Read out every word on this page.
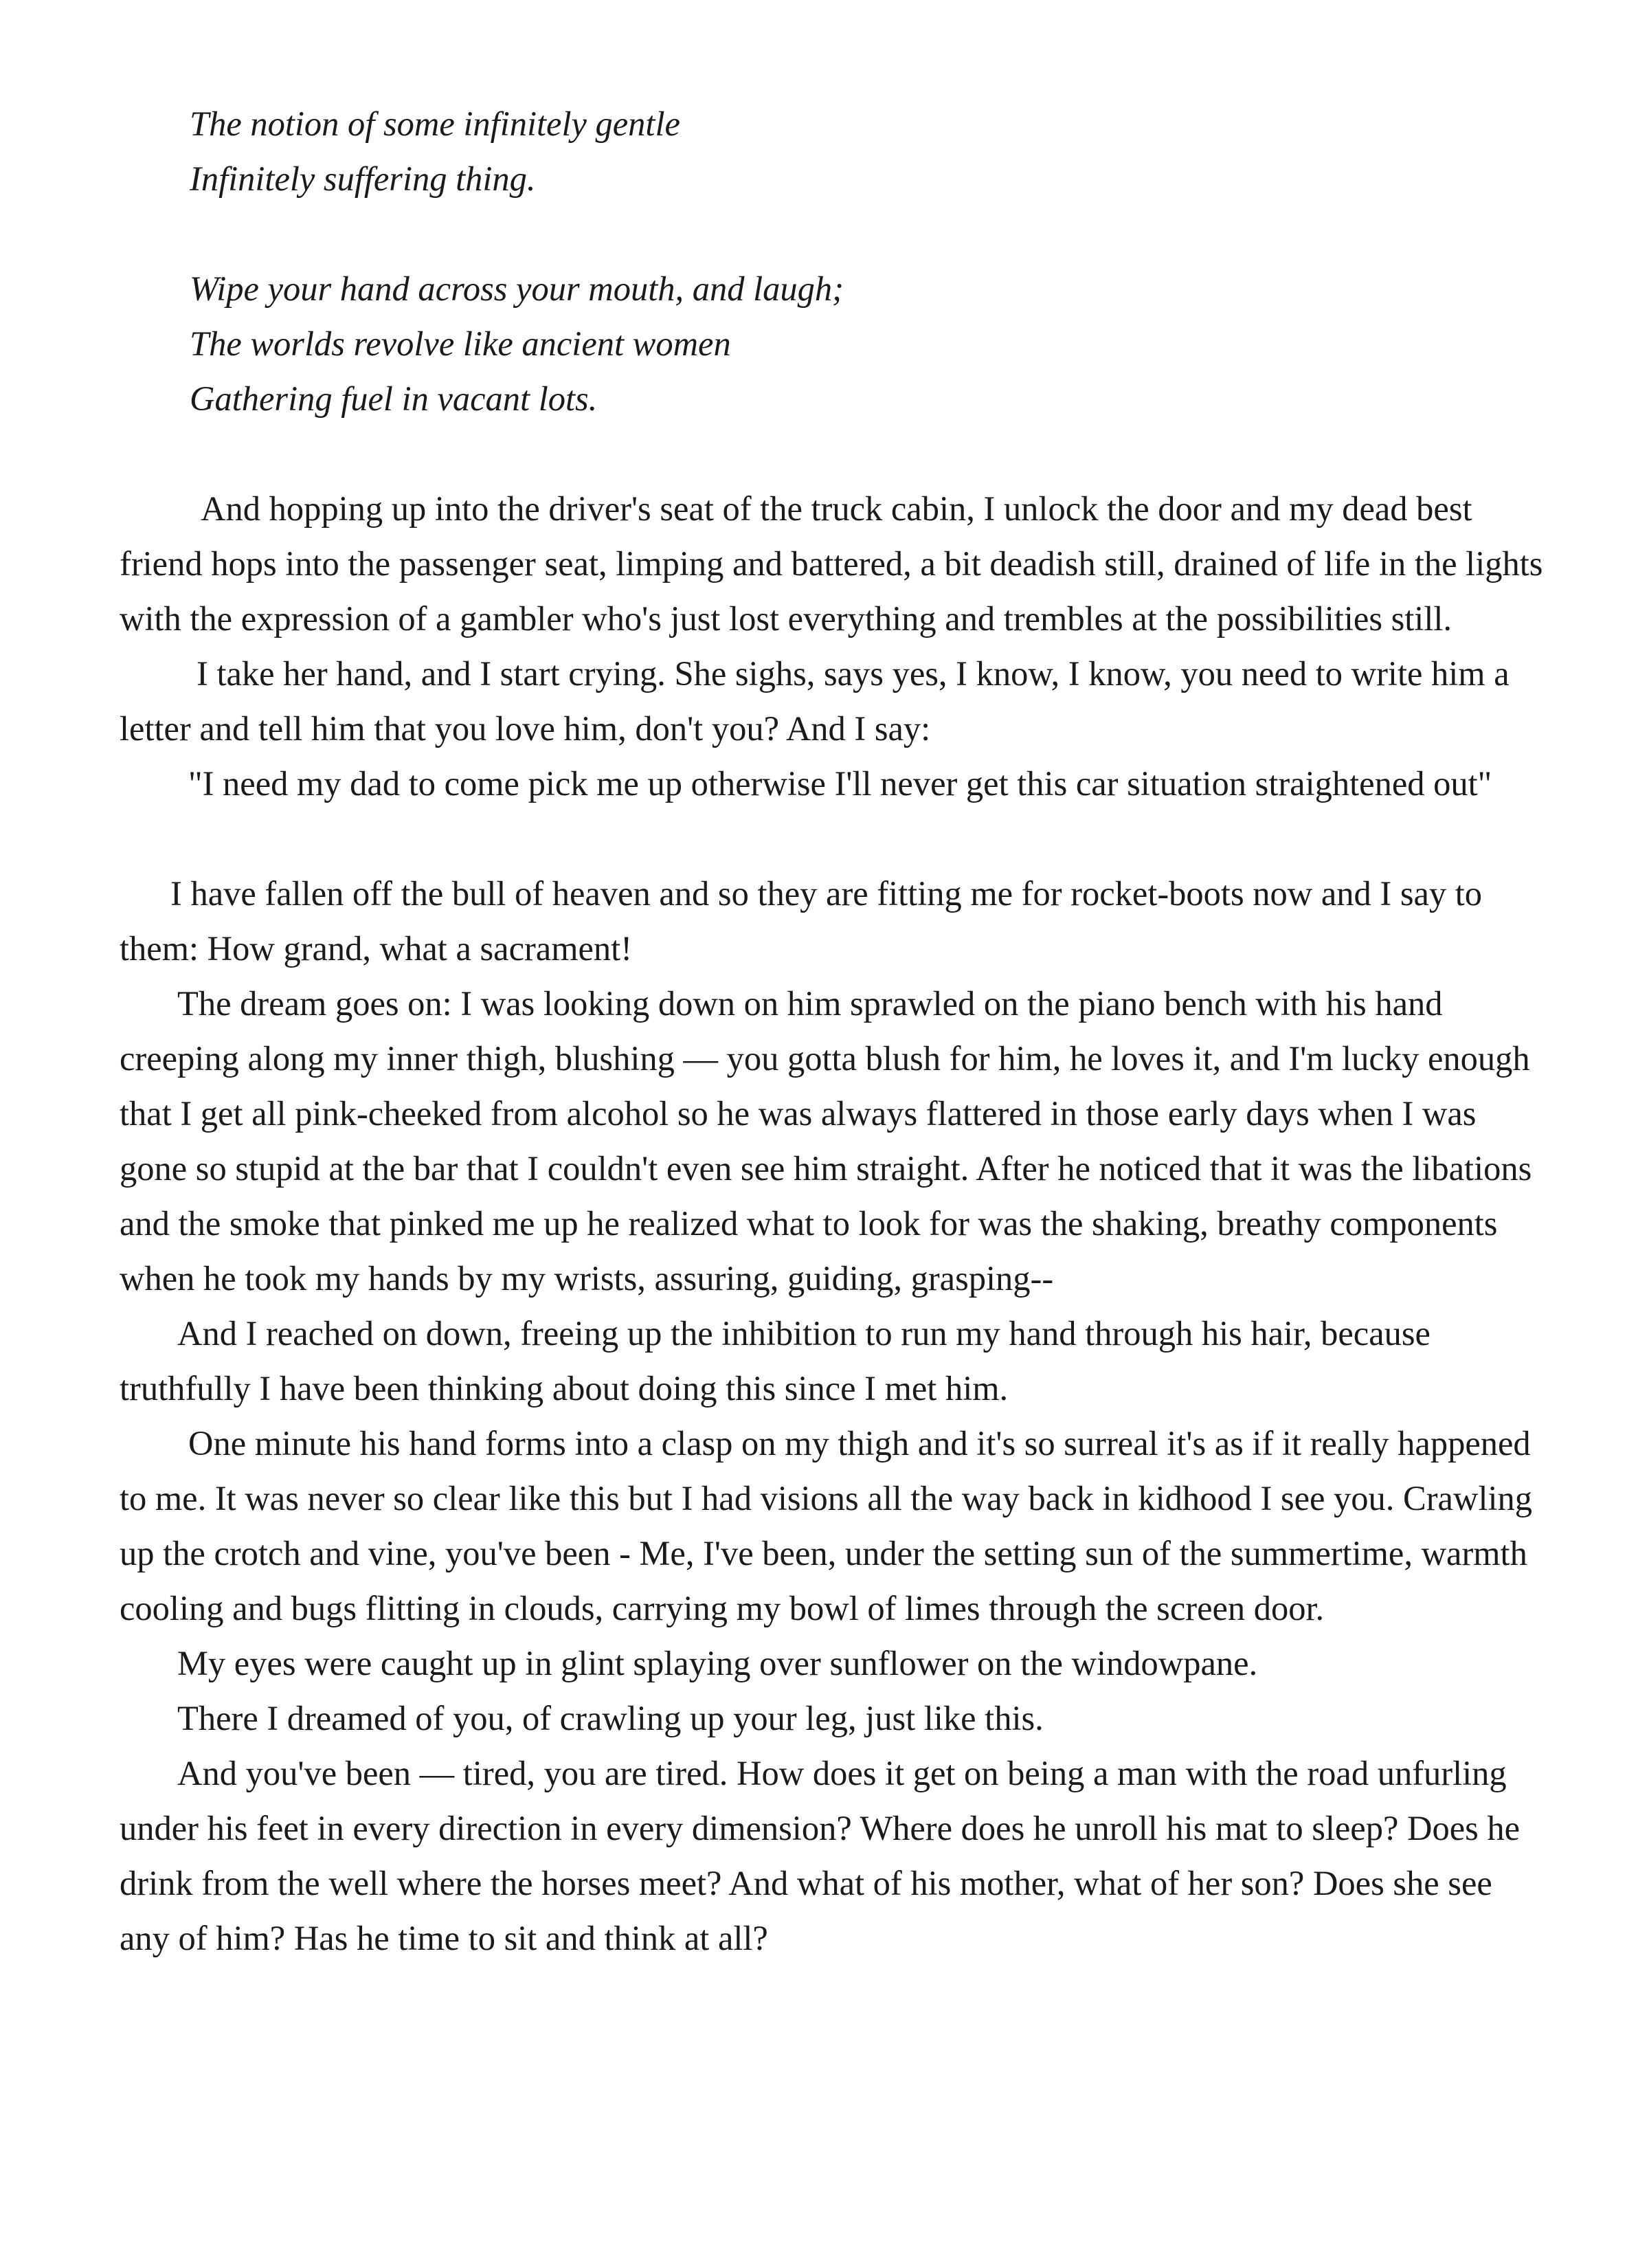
The notion of some infinitely gentle
Infinitely suffering thing.
Wipe your hand across your mouth, and laugh;
The worlds revolve like ancient women
Gathering fuel in vacant lots.

And hopping up into the driver's seat of the truck cabin, I unlock the door and my dead best friend hops into the passenger seat, limping and battered, a bit deadish still, drained of life in the lights with the expression of a gambler who's just lost everything and trembles at the possibilities still.

I take her hand, and I start crying. She sighs, says yes, I know, I know, you need to write him a letter and tell him that you love him, don't you? And I say:

"I need my dad to come pick me up otherwise I'll never get this car situation straightened out"

I have fallen off the bull of heaven and so they are fitting me for rocket-boots now and I say to them: How grand, what a sacrament!

The dream goes on: I was looking down on him sprawled on the piano bench with his hand creeping along my inner thigh, blushing — you gotta blush for him, he loves it, and I'm lucky enough that I get all pink-cheeked from alcohol so he was always flattered in those early days when I was gone so stupid at the bar that I couldn't even see him straight. After he noticed that it was the libations and the smoke that pinked me up he realized what to look for was the shaking, breathy components when he took my hands by my wrists, assuring, guiding, grasping--

And I reached on down, freeing up the inhibition to run my hand through his hair, because truthfully I have been thinking about doing this since I met him.

One minute his hand forms into a clasp on my thigh and it's so surreal it's as if it really happened to me. It was never so clear like this but I had visions all the way back in kidhood I see you. Crawling up the crotch and vine, you've been - Me, I've been, under the setting sun of the summertime, warmth cooling and bugs flitting in clouds, carrying my bowl of limes through the screen door.

My eyes were caught up in glint splaying over sunflower on the windowpane.

There I dreamed of you, of crawling up your leg, just like this.

And you've been — tired, you are tired. How does it get on being a man with the road unfurling under his feet in every direction in every dimension? Where does he unroll his mat to sleep? Does he drink from the well where the horses meet? And what of his mother, what of her son? Does she see any of him? Has he time to sit and think at all?
